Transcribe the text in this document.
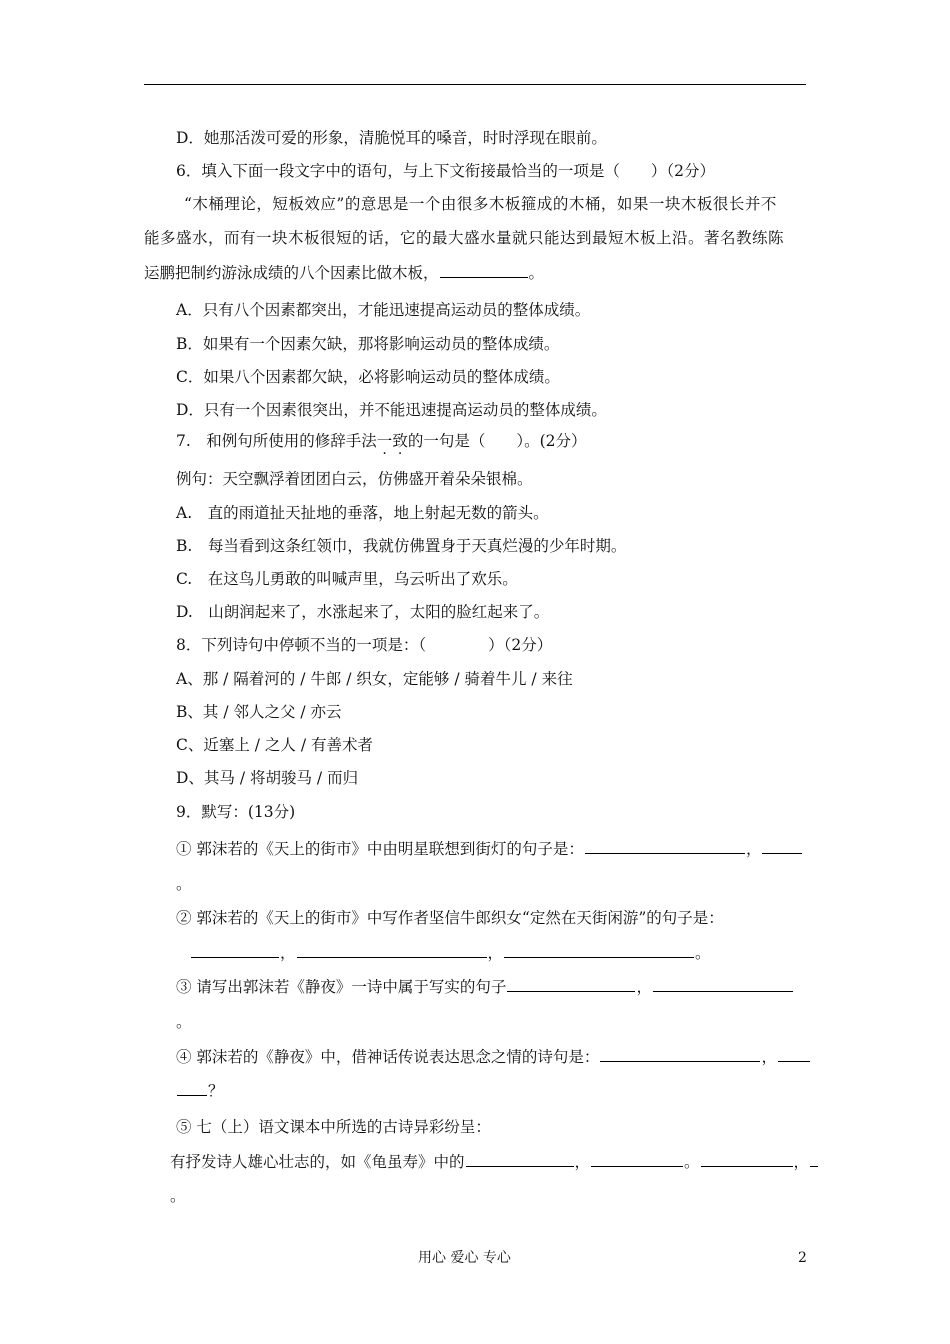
D．她那活泼可爱的形象，清脆悦耳的嗓音，时时浮现在眼前。
6．填入下面一段文字中的语句，与上下文衔接最恰当的一项是（　　）（2分）
“木桶理论，短板效应”的意思是一个由很多木板箍成的木桶，如果一块木板很长并不
能多盛水，而有一块木板很短的话，它的最大盛水量就只能达到最短木板上沿。著名教练陈
运鹏把制约游泳成绩的八个因素比做木板，	。
A．只有八个因素都突出，才能迅速提高运动员的整体成绩。
B．如果有一个因素欠缺，那将影响运动员的整体成绩。
C．如果八个因素都欠缺，必将影响运动员的整体成绩。
D．只有一个因素很突出，并不能迅速提高运动员的整体成绩。
7.　和例句所使用的修辞手法一致的一句是（　　）。(2分）
例句：天空飘浮着团团白云，仿佛盛开着朵朵银棉。
A.　直的雨道扯天扯地的垂落，地上射起无数的箭头。
B.　每当看到这条红领巾，我就仿佛置身于天真烂漫的少年时期。
C.　在这鸟儿勇敢的叫喊声里，乌云听出了欢乐。
D.　山朗润起来了，水涨起来了，太阳的脸红起来了。
8．下列诗句中停顿不当的一项是：（　　　　）（2分）
A、那 / 隔着河的 / 牛郎 / 织女，定能够 / 骑着牛儿 / 来往
B、其 / 邻人之父 / 亦云
C、近塞上 / 之人 / 有善术者
D、其马 / 将胡骏马 / 而归
9．默写：(13分)
① 郭沫若的《天上的街市》中由明星联想到街灯的句子是：	，
。
② 郭沫若的《天上的街市》中写作者坚信牛郎织女“定然在天街闲游”的句子是：
，	，	。
③ 请写出郭沫若《静夜》一诗中属于写实的句子	，
。
④ 郭沫若的《静夜》中，借神话传说表达思念之情的诗句是：	，
？
⑤ 七（上）语文课本中所选的古诗异彩纷呈：
有抒发诗人雄心壮志的，如《龟虽寿》中的	，	。	，
。
用心 爱心 专心	2
